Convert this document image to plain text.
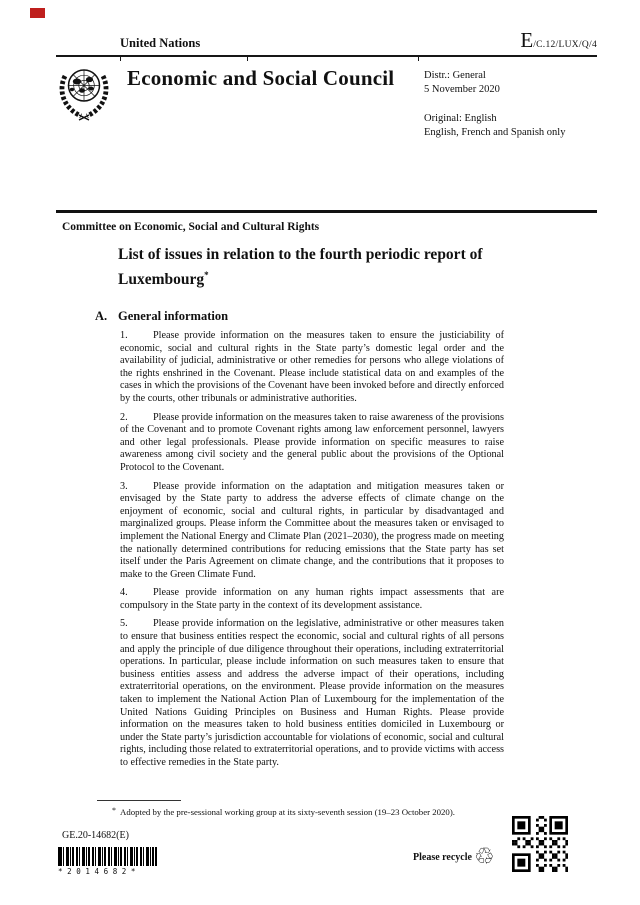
United Nations	E /C.12/LUX/Q/4
Economic and Social Council	Distr.: General
5 November 2020
Original: English
English, French and Spanish only
Committee on Economic, Social and Cultural Rights
List of issues in relation to the fourth periodic report of Luxembourg*
A. General information

1. Please provide information on the measures taken to ensure the justiciability of economic, social and cultural rights in the State party’s domestic legal order and the availability of judicial, administrative or other remedies for persons who allege violations of the rights enshrined in the Covenant. Please include statistical data on and examples of the cases in which the provisions of the Covenant have been invoked before and directly enforced by the courts, other tribunals or administrative authorities.

2. Please provide information on the measures taken to raise awareness of the provisions of the Covenant and to promote Covenant rights among law enforcement personnel, lawyers and other legal professionals. Please provide information on specific measures to raise awareness among civil society and the general public about the provisions of the Optional Protocol to the Covenant.

3. Please provide information on the adaptation and mitigation measures taken or envisaged by the State party to address the adverse effects of climate change on the enjoyment of economic, social and cultural rights, in particular by disadvantaged and marginalized groups. Please inform the Committee about the measures taken or envisaged to implement the National Energy and Climate Plan (2021–2030), the progress made on meeting the nationally determined contributions for reducing emissions that the State party has set itself under the Paris Agreement on climate change, and the contributions that it proposes to make to the Green Climate Fund.

4. Please provide information on any human rights impact assessments that are compulsory in the State party in the context of its development assistance.

5. Please provide information on the legislative, administrative or other measures taken to ensure that business entities respect the economic, social and cultural rights of all persons and apply the principle of due diligence throughout their operations, including extraterritorial operations. In particular, please include information on such measures taken to ensure that business entities assess and address the adverse impact of their operations, including extraterritorial operations, on the environment. Please provide information on the measures taken to implement the National Action Plan of Luxembourg for the implementation of the United Nations Guiding Principles on Business and Human Rights. Please provide information on the measures taken to hold business entities domiciled in Luxembourg or under the State party’s jurisdiction accountable for violations of economic, social and cultural rights, including those related to extraterritorial operations, and to provide victims with access to effective remedies in the State party.

* Adopted by the pre-sessional working group at its sixty-seventh session (19–23 October 2020).
GE.20-14682(E)
*2014682*
Please recycle ♲
